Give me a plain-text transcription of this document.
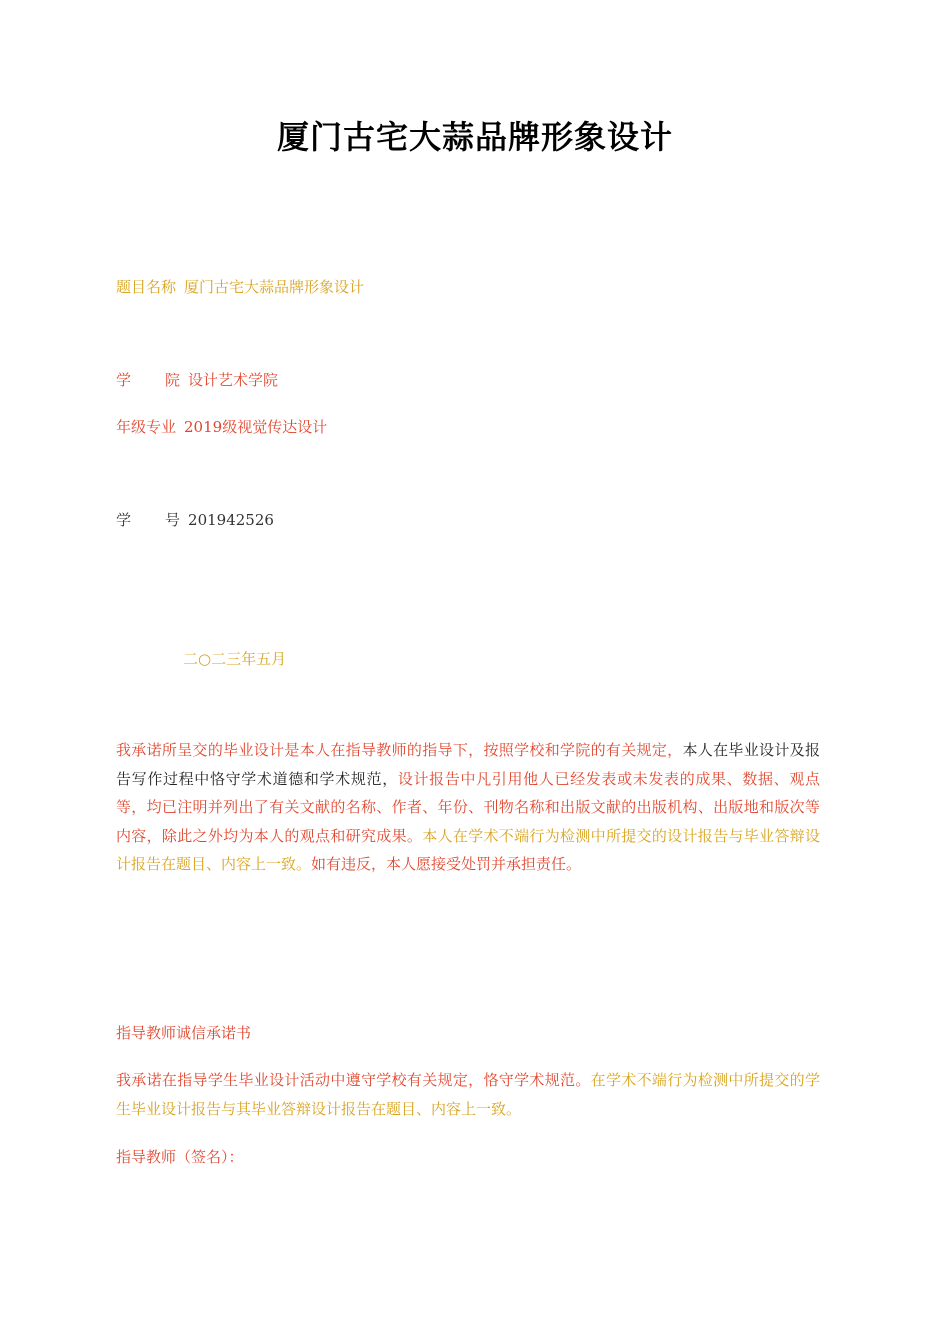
厦门古宅大蒜品牌形象设计
题目名称 厦门古宅大蒜品牌形象设计
学 院 设计艺术学院
年级专业 2019级视觉传达设计
学 号 201942526
二○二三年五月
我承诺所呈交的毕业设计是本人在指导教师的指导下，按照学校和学院的有关规定，本人在毕业设计及报告写作过程中恪守学术道德和学术规范，设计报告中凡引用他人已经发表或未发表的成果、数据、观点等，均已注明并列出了有关文献的名称、作者、年份、刊物名称和出版文献的出版机构、出版地和版次等内容，除此之外均为本人的观点和研究成果。本人在学术不端行为检测中所提交的设计报告与毕业答辩设计报告在题目、内容上一致。如有违反，本人愿接受处罚并承担责任。
指导教师诚信承诺书
我承诺在指导学生毕业设计活动中遵守学校有关规定，恪守学术规范。在学术不端行为检测中所提交的学生毕业设计报告与其毕业答辩设计报告在题目、内容上一致。
指导教师（签名）：
